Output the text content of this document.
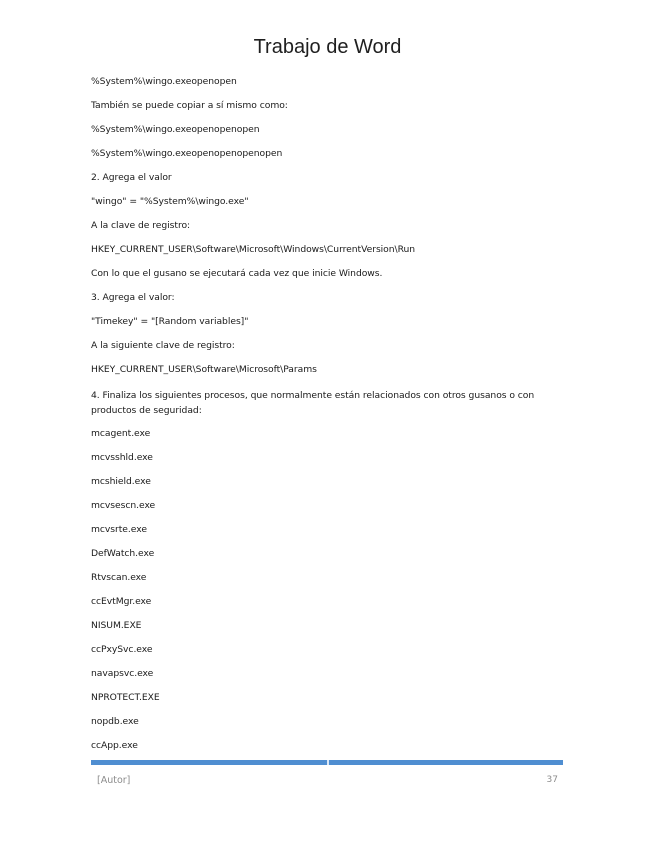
Trabajo de Word

%System%\wingo.exeopenopen

También se puede copiar a sí mismo como:

%System%\wingo.exeopenopenopen

%System%\wingo.exeopenopenopenopen

2. Agrega el valor

"wingo" = "%System%\wingo.exe"

A la clave de registro:

HKEY_CURRENT_USER\Software\Microsoft\Windows\CurrentVersion\Run

Con lo que el gusano se ejecutará cada vez que inicie Windows.

3. Agrega el valor:

"Timekey" = "[Random variables]"

A la siguiente clave de registro:

HKEY_CURRENT_USER\Software\Microsoft\Params

4. Finaliza los siguientes procesos, que normalmente están relacionados con otros gusanos o con productos de seguridad:

mcagent.exe

mcvsshld.exe

mcshield.exe

mcvsescn.exe

mcvsrte.exe

DefWatch.exe

Rtvscan.exe

ccEvtMgr.exe

NISUM.EXE

ccPxySvc.exe

navapsvc.exe

NPROTECT.EXE

nopdb.exe

ccApp.exe

[Autor]	37
